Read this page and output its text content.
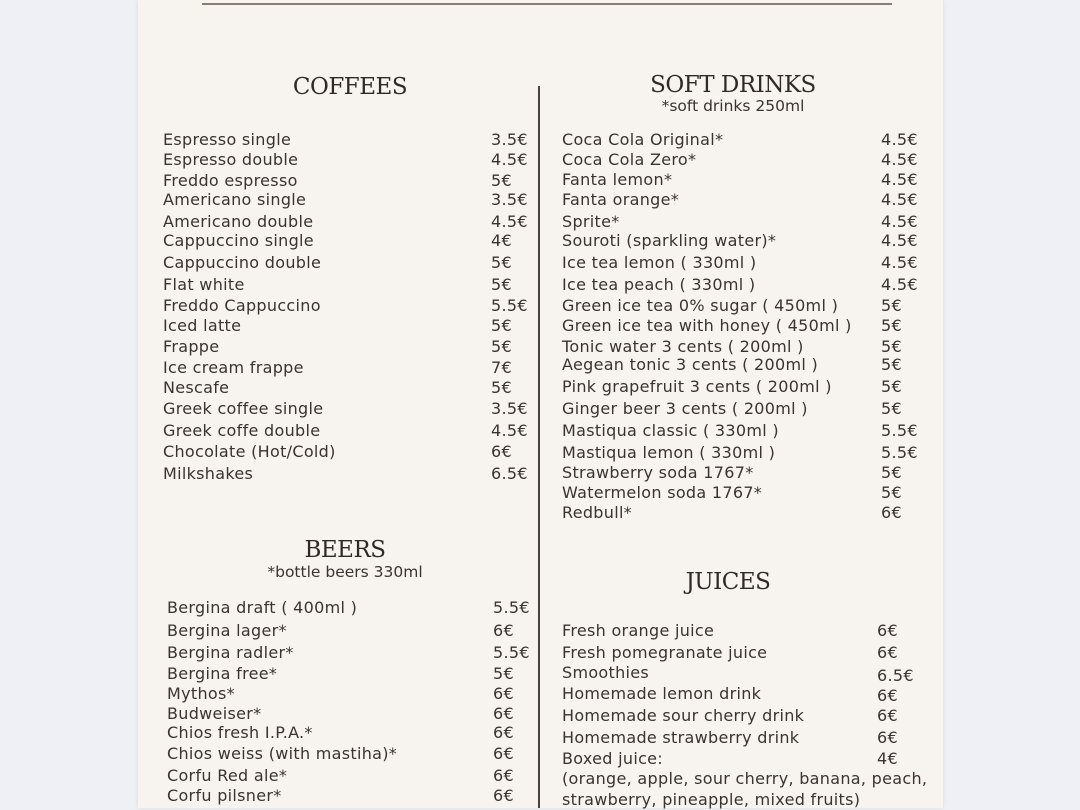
COFFEES	SOFT DRINKS
*soft drinks 250ml
BEERS
*bottle beers 330ml	JUICES
Espresso single	3.5€
Espresso double	4.5€
Freddo espresso	5€
Americano single	3.5€
Americano double	4.5€
Cappuccino single	4€
Cappuccino double	5€
Flat white	5€
Freddo Cappuccino	5.5€
Iced latte	5€
Frappe	5€
Ice cream frappe	7€
Nescafe	5€
Greek coffee single	3.5€
Greek coffe double	4.5€
Chocolate (Hot/Cold)	6€
Milkshakes	6.5€
Coca Cola Original*	4.5€
Coca Cola Zero*	4.5€
Fanta lemon*	4.5€
Fanta orange*	4.5€
Sprite*	4.5€
Souroti (sparkling water)*	4.5€
Ice tea lemon ( 330ml )	4.5€
Ice tea peach ( 330ml )	4.5€
Green ice tea 0% sugar ( 450ml )	5€
Green ice tea with honey ( 450ml ) 5€
Tonic water 3 cents ( 200ml )	5€
Aegean tonic 3 cents ( 200ml )	5€
Pink grapefruit 3 cents ( 200ml )	5€
Ginger beer 3 cents ( 200ml )	5€
Mastiqua classic ( 330ml )	5.5€
Mastiqua lemon ( 330ml )	5.5€
Strawberry soda 1767*	5€
Watermelon soda 1767*	5€
Redbull*	6€
Bergina draft ( 400ml )	5.5€
Bergina lager*	6€
Bergina radler*	5.5€
Bergina free*	5€
Mythos*	6€
Budweiser*	6€
Chios fresh I.P.A.*	6€
Chios weiss (with mastiha)*	6€
Corfu Red ale*	6€
Corfu pilsner*	6€
Fresh orange juice	6€
Fresh pomegranate juice	6€
Smoothies	6.5€
Homemade lemon drink	6€
Homemade sour cherry drink	6€
Homemade strawberry drink	6€
Boxed juice:	4€
(orange, apple, sour cherry, banana, peach,
strawberry, pineapple, mixed fruits)
